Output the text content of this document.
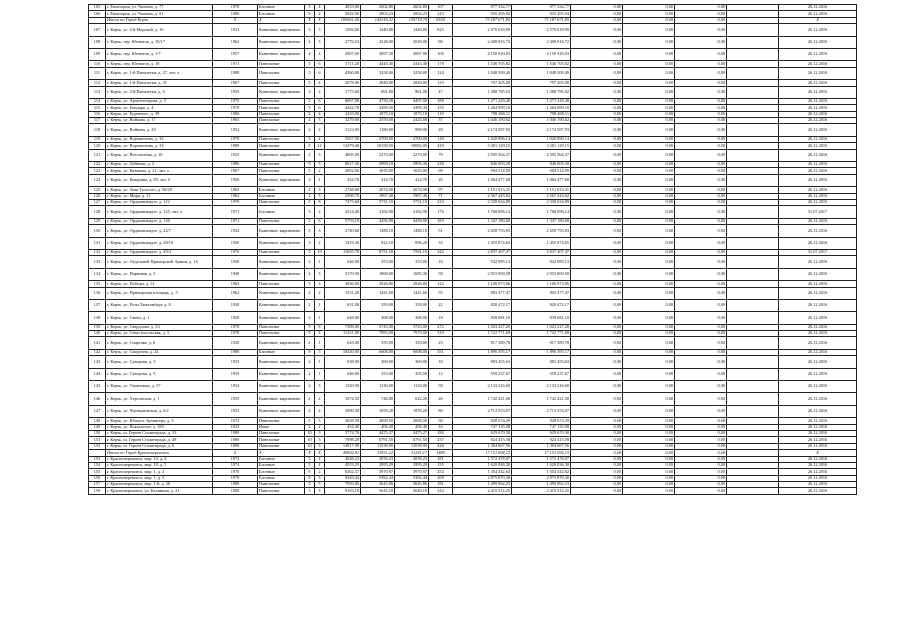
105	г. Евпатория, ул. Чапаева, д. 77	1979	Блочные	5	4	4033,90	2602,80	2602,80	107	977 334,77	977 334,77	0,00	0,00	0,00		26.12.2016
106	г. Евпатория, ул. Чапаева, д. 81	1986	Блочные	9	2	5842,90	2804,23	2804,23	243	935 495,94	935 495,94	0,00	0,00	0,00		26.12.2016
	Итого по Город Керчь	X	X	X	X	195061,00	142316,32	159718,70	6554	73 187 671,85	73 187 671,85	0,00	0,00	0,00		X
107	г. Керчь, ул. 2-й Морской, д. 10	1931	Каменные, кирпичные	3	3	1582,60	1440,80	1440,80	825	2 570 018,99	2 570 018,99	0,00	0,00	0,00		26.12.2016
108	г. Керчь, пер. Юннатов, д. 10/17	1962	Каменные, кирпичные	4	3	2776,53	2228,00	2049,00	86	2 408 816,72	2 408 816,72	0,00	0,00	0,00		26.12.2016
109	г. Керчь, пер. Юннатов, д. 1/7	1957	Каменные, кирпичные	4	4	2907,00	2097,30	2067,90	106	4 150 929,03	4 150 929,03	0,00	0,00	0,00		26.12.2016
110	г. Керчь, пер. Юннатов, д. 18	1971	Панельные	5	6	5711,20	4443,40	4443,40	178	1 546 705,82	1 546 705,82	0,00	0,00	0,00		26.12.2016
111	г. Керчь, ул. 1-й Пятилетки, д. 27, лит. а	1988	Панельные	5	6	4360,00	3258,00	3258,00	124	1 048 509,49	1 048 509,49	0,00	0,00	0,00		26.12.2016
112	г. Керчь, ул. 1-й Пятилетки, д. 31	1967	Панельные	5	4	3078,00	2840,00	2840,00	133	797 205,08	797 205,08	0,00	0,00	0,00		26.12.2016
113	г. Керчь, ул. 2-й Пятилетки, д. 6	1955	Каменные, кирпичные	2	2	1775,00	861,00	861,00	47	1 388 785,92	1 388 785,92	0,00	0,00	0,00		26.12.2016
114	г. Керчь, ул. Архитекторова, д. 5	1975	Панельные	5	6	6067,00	4750,30	4487,00	188	1 271 229,40	1 271 229,40	0,00	0,00	0,00		26.12.2016
115	г. Керчь, ул. Бондаря, д. 4	1979	Панельные	5	6	4422,70	3399,30	3399,30	155	1 264 999,10	1 264 999,10	0,00	0,00	0,00		26.12.2016
116	г. Керчь, ул. Буденного, д. 39	1986	Панельные	5	4	2435,00	1875,10	1875,10	118	798 468,11	798 468,11	0,00	0,00	0,00		26.12.2016
117	г. Керчь, ул. Войкова, д. 17	1963	Панельные	4	3	3279,00	2559,00	2425,00	57	1 046 190,62	1 046 190,62	0,00	0,00	0,00		26.12.2016
118	г. Керчь, ул. Войкова, д. 29	1952	Каменные, кирпичные	2	2	3123,00	1180,00	988,00	28	2 174 587,93	2 174 587,93	0,00	0,00	0,00		26.12.2016
119	г. Керчь, ул. Ворошилова, д. 32	1979	Панельные	5	4	3567,50	2700,00	2700,00	118	1 020 896,14	1 020 896,14	0,00	0,00	0,00		26.12.2016
120	г. Керчь, ул. Ворошилова, д. 33	1989	Панельные	5	14	13479,40	10158,50	10082,00	429	3 281 129,15	3 281 129,15	0,00	0,00	0,00		26.12.2016
121	г. Керчь, ул. Всесоюзная, д. 10	1955	Каменные, кирпичные	2	5	4005,00	2279,00	2279,00	79	2 595 564,37	2 595 564,37	0,00	0,00	0,00		26.12.2016
122	г. Керчь, ул. Дейнеки, д. 2	1986	Панельные	9	3	8617,30	5998,10	5893,30	238	846 003,30	846 003,30	0,00	0,00	0,00		26.12.2016
123	г. Керчь, ул. Казакова, д. 21, лит. а	1967	Панельные	5	2	2092,00	1635,00	1635,00	69	594 514,99	594 514,99	0,00	0,00	0,00		26.12.2016
124	г. Керчь, ул. Кокорина, д. 85, лит. б	1956	Каменные, кирпичные	2	1	454,70	414,70	414,70	20	1 064 477,68	1 064 477,68	0,00	0,00	0,00		26.12.2016
125	г. Керчь, ул. Льва Толстого, д. 56/20	1962	Блочные	4	3	2748,60	2074,90	2074,90	97	1 151 913,31	1 151 913,31	0,00	0,00	0,00		26.12.2016
126	г. Керчь, ул. Мира, д. 11	1962	Блочные	4	3	2598,70	1967,40	1967,40	71	2 567 243,62	2 567 243,62	0,00	0,00	0,00		26.12.2016
127	г. Керчь, ул. Орджоникидзе, д. 112	1970	Панельные	5	8	7475,60	5731,10	5731,10	223	2 330 634,89	2 330 634,89	0,00	0,00	0,00		26.12.2016
128	г. Керчь, ул. Орджоникидзе, д. 125, лит. а	1971	Блочные	5	2	4514,40	3182,90	3182,90	176	1 768 096,14	1 768 096,14	0,00	0,00	0,00		31.07.2017
129	г. Керчь, ул. Орджоникидзе, д. 126	1971	Панельные	5	6	5793,10	4456,90	4456,90	183	1 347 180,60	1 347 180,60	0,00	0,00	0,00		26.12.2016
130	г. Керчь, ул. Орджоникидзе, д. 22/7	1934	Каменные, кирпичные	3	3	2740,60	1488,10	1488,10	51	2 658 793,83	2 658 793,83	0,00	0,00	0,00		26.12.2016
131	г. Керчь, ул. Орджоникидзе, д. 28/10	1936	Каменные, кирпичные	3	2	1419,30	922,10	896,20	33	1 455 874,65	1 455 874,65	0,00	0,00	0,00		26.12.2016
132	г. Керчь, ул. Орджоникидзе, д. 49/4	1976	Панельные	5	10	11055,70	8751,50	7591,10	342	2 837 407,47	2 837 407,47	0,00	0,00	0,00		31.07.2017
133	г. Керчь, ул. Отдельной Приморской Армии, д. 14	1930	Каменные, кирпичные	2	1	646,00	353,00	353,00	16	942 985,13	942 985,13	0,00	0,00	0,00		26.12.2016
134	г. Керчь, ул. Парковая, д. 3	1948	Каменные, кирпичные	4	3	3170,90	1868,00	1685,30	58	2 953 869,58	2 953 869,58	0,00	0,00	0,00		26.12.2016
135	г. Керчь, ул. Победы, д. 31	1963	Панельные	5	3	3836,00	2926,80	2926,80	122	1 106 973,86	1 106 973,86	0,00	0,00	0,00		26.12.2016
136	г. Керчь, ул. Приморская площадь, д. 5	1962	Каменные, кирпичные	4	2	1531,20	1441,60	1441,60	55	803 477,47	803 477,47	0,00	0,00	0,00		26.12.2016
137	г. Керчь, ул. Розы Люксембург, д. 8	1930	Каменные, кирпичные	2	1	631,00	359,00	359,00	22	820 472,17	820 472,17	0,00	0,00	0,00		26.12.2016
138	г. Керчь, ул. Свечи, д. 1	1929	Каменные, кирпичные	2	1	648,00	368,00	368,00	18	839 681,10	839 681,10	0,00	0,00	0,00		26.12.2016
139	г. Керчь, ул. Свердлова, д. 33	1970	Панельные	5	8	7388,00	5743,00	5743,00	272	1 023 227,20	1 023 227,20	0,00	0,00	0,00		26.12.2016
140	г. Керчь, ул. Севастопольская, д. 5	1978	Панельные	9	4	11231,00	7983,00	7970,00	310	1 722 771,69	1 722 771,69	0,00	0,00	0,00		26.12.2016
141	г. Керчь, ул. Спартака, д. 6	1930	Каменные, кирпичные	2	1	643,00	359,00	359,00	23	817 389,78	817 389,78	0,00	0,00	0,00		26.12.2016
142	г. Керчь, ул. Сморгина, д. 24	1986	Блочные	9	5	10430,00	6608,00	6608,00	351	1 896 395,17	1 896 395,17	0,00	0,00	0,00		26.12.2016
143	г. Керчь, ул. Суворова, д. 3	1953	Каменные, кирпичные	2	1	638,00	369,00	369,00	18	883 455,63	883 455,63	0,00	0,00	0,00		26.12.2016
144	г. Керчь, ул. Суворова, д. 5	1953	Каменные, кирпичные	2	1	646,00	353,00	303,50	12	559 237,67	559 237,67	0,00	0,00	0,00		26.12.2016
145	г. Керчь, ул. Ульяновых, д. 57	1954	Каменные, кирпичные	2	3	1330,90	1130,00	1130,00	58	2 133 216,60	2 133 216,60	0,00	0,00	0,00		26.12.2016
146	г. Керчь, ул. Херсонская, д. 1	1955	Каменные, кирпичные	2	2	1074,50	746,80	622,20	26	1 742 421,00	1 742 421,00	0,00	0,00	0,00		26.12.2016
147	г. Керчь, ул. Чернышевская, д. 6/2	1953	Каменные, кирпичные	4	4	3000,30	1959,20	1859,20	80	2 713 553,07	2 713 553,07	0,00	0,00	0,00		26.12.2016
148	г. Керчь, ул. Юлиуса Эрлингера, д. 3	1972	Панельные	5	3	3658,50	2698,50	2698,50	90	928 674,39	928 674,39	0,00	0,00	0,00		26.12.2016
149	г. Керчь, ул. Вокзальное, д. 185	1923	Иные	2	2	454,40	406,40	406,40	16	747 135,08	747 135,08	0,00	0,00	0,00		26.12.2016
150	г. Керчь, ш. Героев Сталинграда, д. 33	1989	Панельные	10	3	5774,70	4475,27	4475,27	180	629 670,30	629 670,30	0,00	0,00	0,00		26.12.2016
151	г. Керчь, ш. Героев Сталинграда, д. 48	1989	Панельные	10	3	7998,20	6791,50	6791,50	237	924 415,58	924 415,58	0,00	0,00	0,00		26.12.2016
152	г. Керчь, ш. Героев Сталинграда, д. 6	1990	Панельные	10	3	14917,90	11038,90	11038,90	426	1 394 667,56	1 394 667,56	0,00	0,00	0,00		26.12.2016
	Итого по Город Красноперекопск	X	X	X	X	40902,91	31931,22	31241,17	1489	17 151 094,15	17 151 094,15	0,00	0,00	0,00		X
153	г. Красноперекопск, мкр. 10, д. 2	1972	Блочные	5	4	4048,23	3039,23	3039,23	181	1 572 478,07	1 572 478,07	0,00	0,00	0,00		26.12.2016
154	г. Красноперекопск, мкр. 10, д. 5	1974	Блочные	5	4	4033,29	2995,29	2995,29	155	1 620 836,30	1 620 836,30	0,00	0,00	0,00		26.12.2016
155	г. Красноперекопск, мкр. 1, д. 2	1970	Блочные	9	2	6262,37	3970,97	3970,97	254	1 354 342,62	1 354 342,62	0,00	0,00	0,00		26.12.2016
156	г. Красноперекопск, мкр. 1, д. 5	1978	Блочные	9	3	9445,44	5382,44	5382,44	269	2 875 870,30	2 875 870,30	0,00	0,00	0,00		26.12.2016
157	г. Красноперекопск, мкр. 1-й, д. 26	1989	Панельные	5	5	7950,86	3645,86	3645,86	181	1 499 962,23	1 499 962,23	0,00	0,00	0,00		26.12.2016
158	г. Красноперекопск, ул. Калинина, д. 21	1988	Панельные	5	3	9163,18	5645,18	5640,18	242	2 419 512,25	2 419 512,25	0,00	0,00	0,00		26.12.2016
